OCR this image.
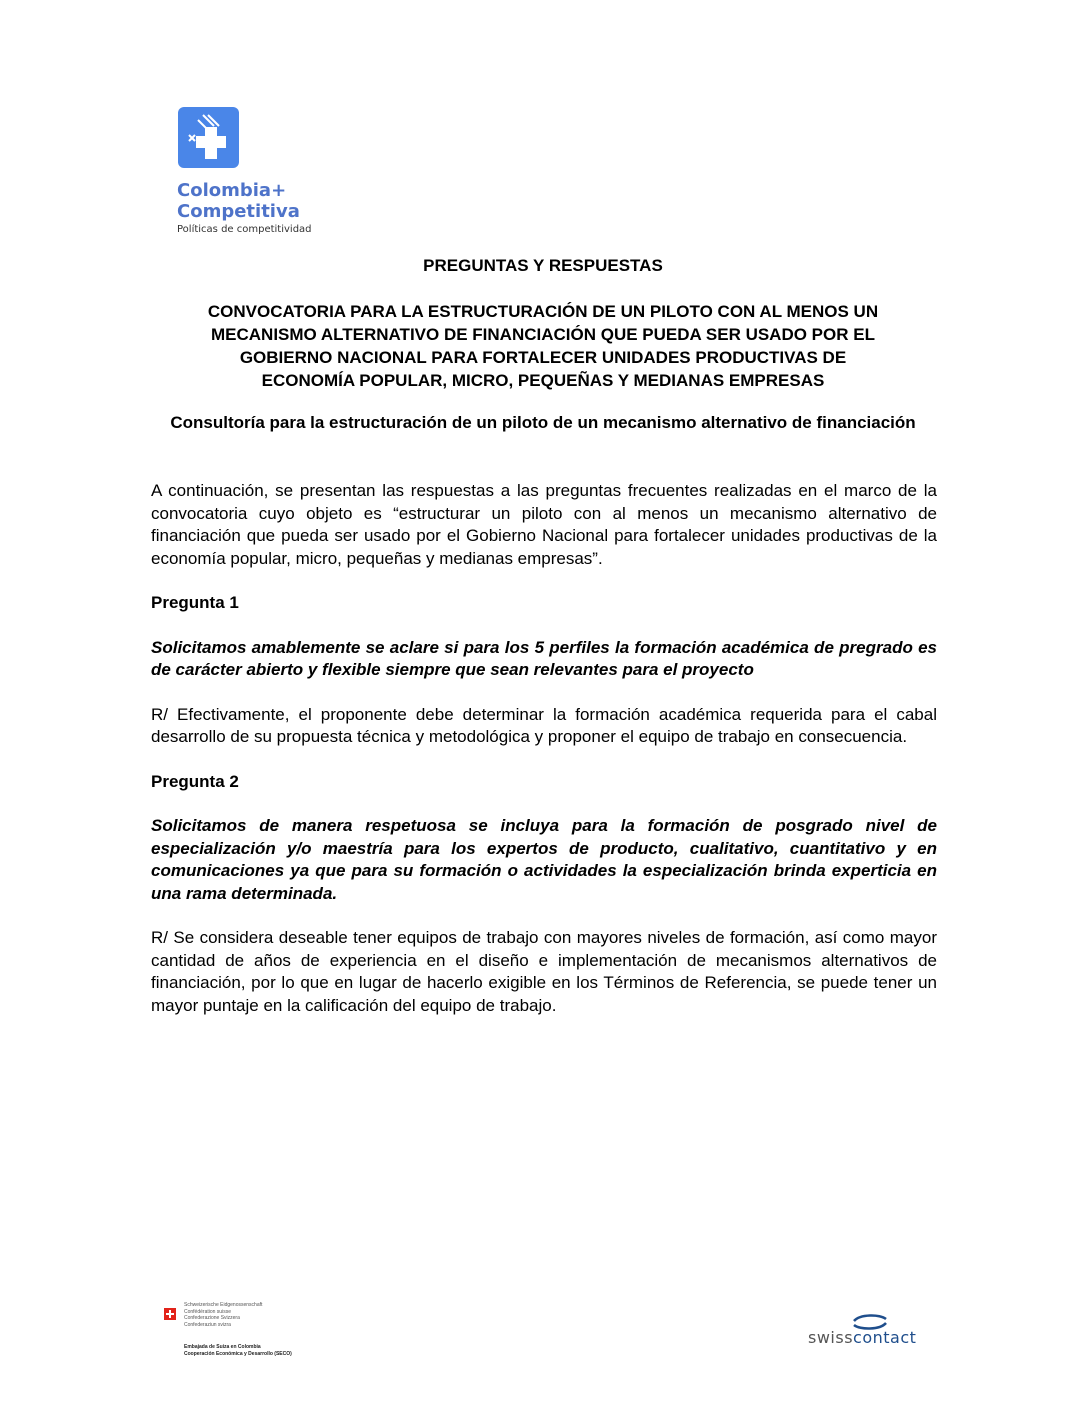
Colombia+
Competitiva
Políticas de competitividad
PREGUNTAS Y RESPUESTAS
CONVOCATORIA PARA LA ESTRUCTURACIÓN DE UN PILOTO CON AL MENOS UN
MECANISMO ALTERNATIVO DE FINANCIACIÓN QUE PUEDA SER USADO POR EL
GOBIERNO NACIONAL PARA FORTALECER UNIDADES PRODUCTIVAS DE
ECONOMÍA POPULAR, MICRO, PEQUEÑAS Y MEDIANAS EMPRESAS
Consultoría para la estructuración de un piloto de un mecanismo alternativo de financiación

A continuación, se presentan las respuestas a las preguntas frecuentes realizadas en el marco de la convocatoria cuyo objeto es “estructurar un piloto con al menos un mecanismo alternativo de financiación que pueda ser usado por el Gobierno Nacional para fortalecer unidades productivas de la economía popular, micro, pequeñas y medianas empresas”.

Pregunta 1

Solicitamos amablemente se aclare si para los 5 perfiles la formación académica de pregrado es de carácter abierto y flexible siempre que sean relevantes para el proyecto

R/ Efectivamente, el proponente debe determinar la formación académica requerida para el cabal desarrollo de su propuesta técnica y metodológica y proponer el equipo de trabajo en consecuencia.

Pregunta 2

Solicitamos de manera respetuosa se incluya para la formación de posgrado nivel de especialización y/o maestría para los expertos de producto, cualitativo, cuantitativo y en comunicaciones ya que para su formación o actividades la especialización brinda experticia en una rama determinada.

R/ Se considera deseable tener equipos de trabajo con mayores niveles de formación, así como mayor cantidad de años de experiencia en el diseño e implementación de mecanismos alternativos de financiación, por lo que en lugar de hacerlo exigible en los Términos de Referencia, se puede tener un mayor puntaje en la calificación del equipo de trabajo.

Schweizerische Eidgenossenschaft
Confédération suisse
Confederazione Svizzera
Confederaziun svizra
Embajada de Suiza en Colombia
Cooperación Económica y Desarrollo (SECO)
swisscontact
